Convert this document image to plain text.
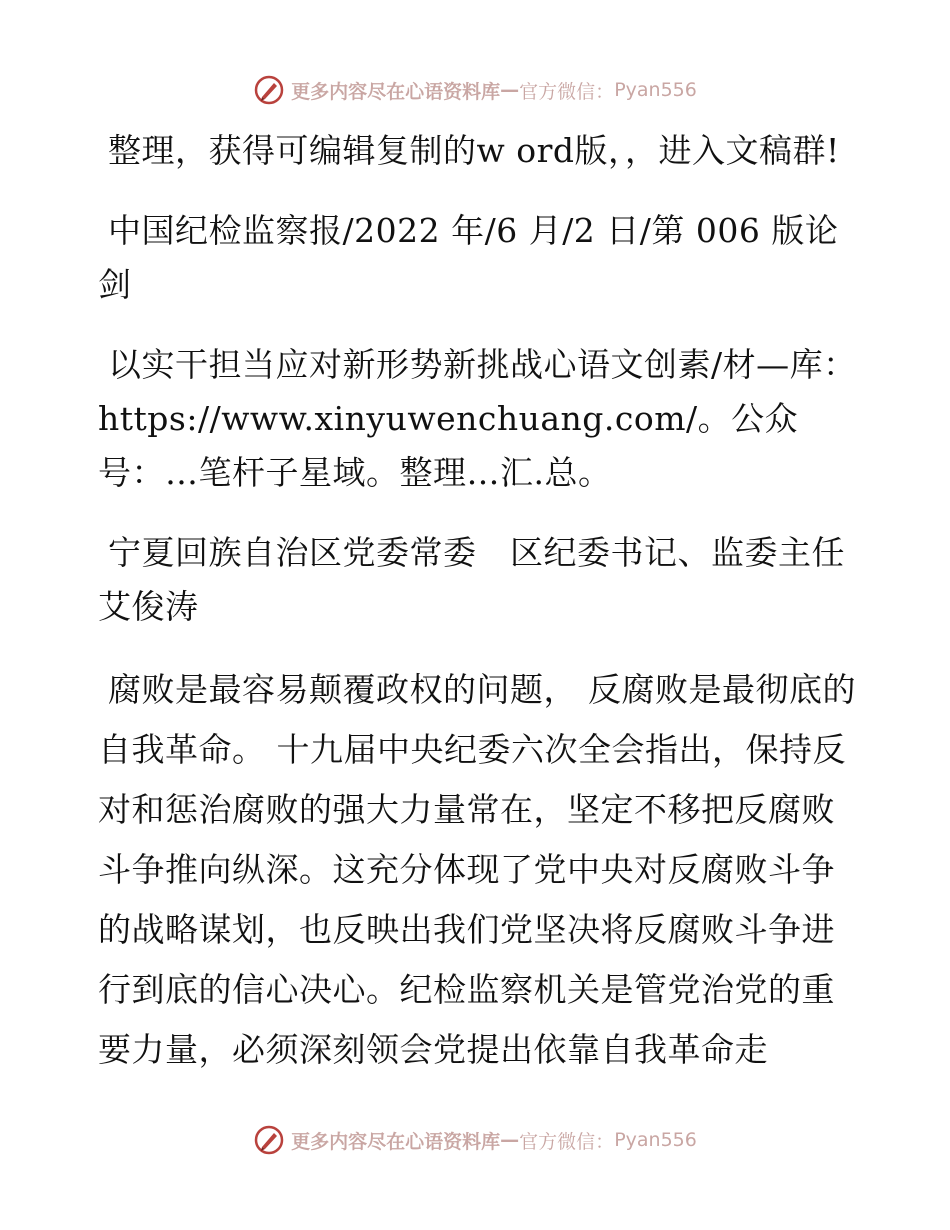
更多内容尽在心语资料库 — 官方微信： Pyan556

整理，获得可编辑复制的w ord版，，进入文稿群!

中国纪检监察报/2022 年/6 月/2 日/第 006 版论剑

以实干担当应对新形势新挑战心语文创素/材—库：https://www.xinyuwenchuang.com/。公众号：…笔杆子星域。整理…汇.总。

宁夏回族自治区党委常委　区纪委书记、监委主任　艾俊涛

腐败是最容易颠覆政权的问题， 反腐败是最彻底的自我革命。 十九届中央纪委六次全会指出，保持反对和惩治腐败的强大力量常在，坚定不移把反腐败斗争推向纵深。这充分体现了党中央对反腐败斗争的战略谋划，也反映出我们党坚决将反腐败斗争进行到底的信心决心。纪检监察机关是管党治党的重要力量，必须深刻领会党提出依靠自我革命走

更多内容尽在心语资料库 — 官方微信： Pyan556
